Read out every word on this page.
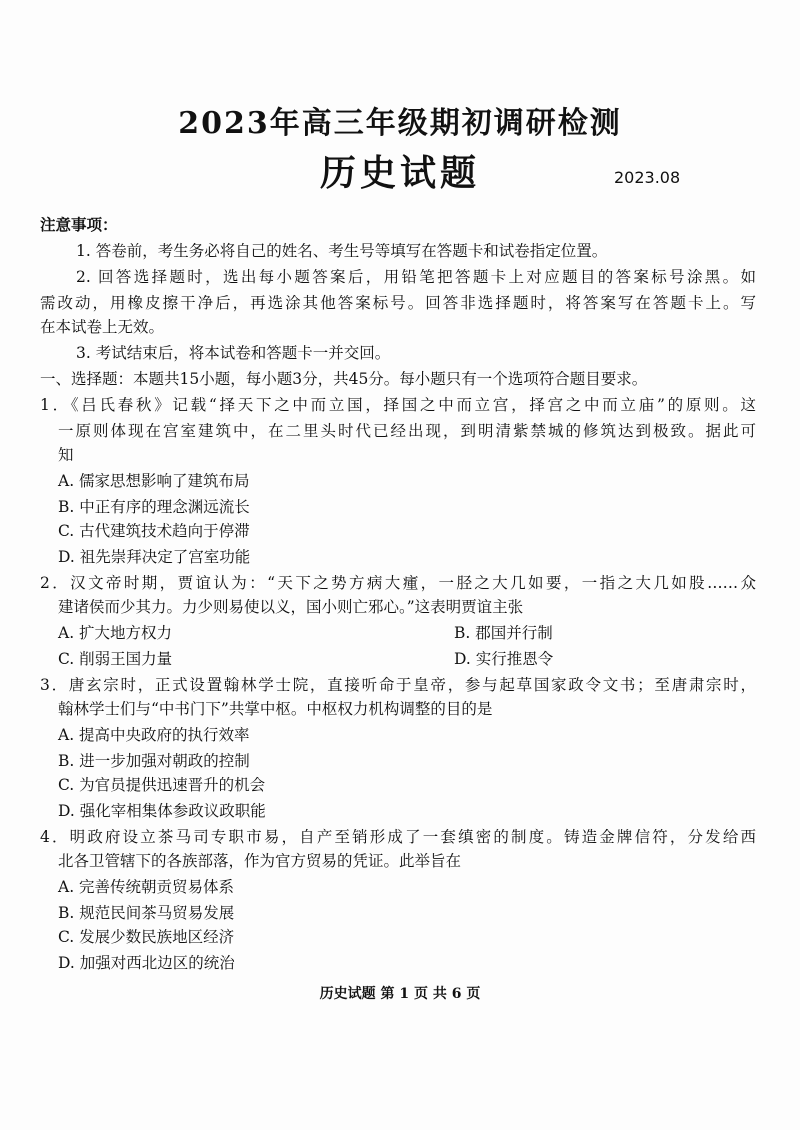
2023年高三年级期初调研检测
历史试题	2023.08
注意事项：
1. 答卷前，考生务必将自己的姓名、考生号等填写在答题卡和试卷指定位置。
2. 回答选择题时，选出每小题答案后，用铅笔把答题卡上对应题目的答案标号涂黑。如
需改动，用橡皮擦干净后，再选涂其他答案标号。回答非选择题时，将答案写在答题卡上。写
在本试卷上无效。
3. 考试结束后，将本试卷和答题卡一并交回。
一、选择题：本题共15小题，每小题3分，共45分。每小题只有一个选项符合题目要求。
1．《吕氏春秋》记载“择天下之中而立国，择国之中而立宫，择宫之中而立庙”的原则。这
一原则体现在宫室建筑中，在二里头时代已经出现，到明清紫禁城的修筑达到极致。据此可
知
A. 儒家思想影响了建筑布局
B. 中正有序的理念渊远流长
C. 古代建筑技术趋向于停滞
D. 祖先崇拜决定了宫室功能
2．汉文帝时期，贾谊认为：“天下之势方病大瘇，一胫之大几如要，一指之大几如股……众
建诸侯而少其力。力少则易使以义，国小则亡邪心。”这表明贾谊主张
A. 扩大地方权力	B. 郡国并行制
C. 削弱王国力量	D. 实行推恩令
3．唐玄宗时，正式设置翰林学士院，直接听命于皇帝，参与起草国家政令文书；至唐肃宗时，
翰林学士们与“中书门下”共掌中枢。中枢权力机构调整的目的是
A. 提高中央政府的执行效率
B. 进一步加强对朝政的控制
C. 为官员提供迅速晋升的机会
D. 强化宰相集体参政议政职能
4．明政府设立茶马司专职市易，自产至销形成了一套缜密的制度。铸造金牌信符，分发给西
北各卫管辖下的各族部落，作为官方贸易的凭证。此举旨在
A. 完善传统朝贡贸易体系
B. 规范民间茶马贸易发展
C. 发展少数民族地区经济
D. 加强对西北边区的统治
历史试题 第 1 页 共 6 页
